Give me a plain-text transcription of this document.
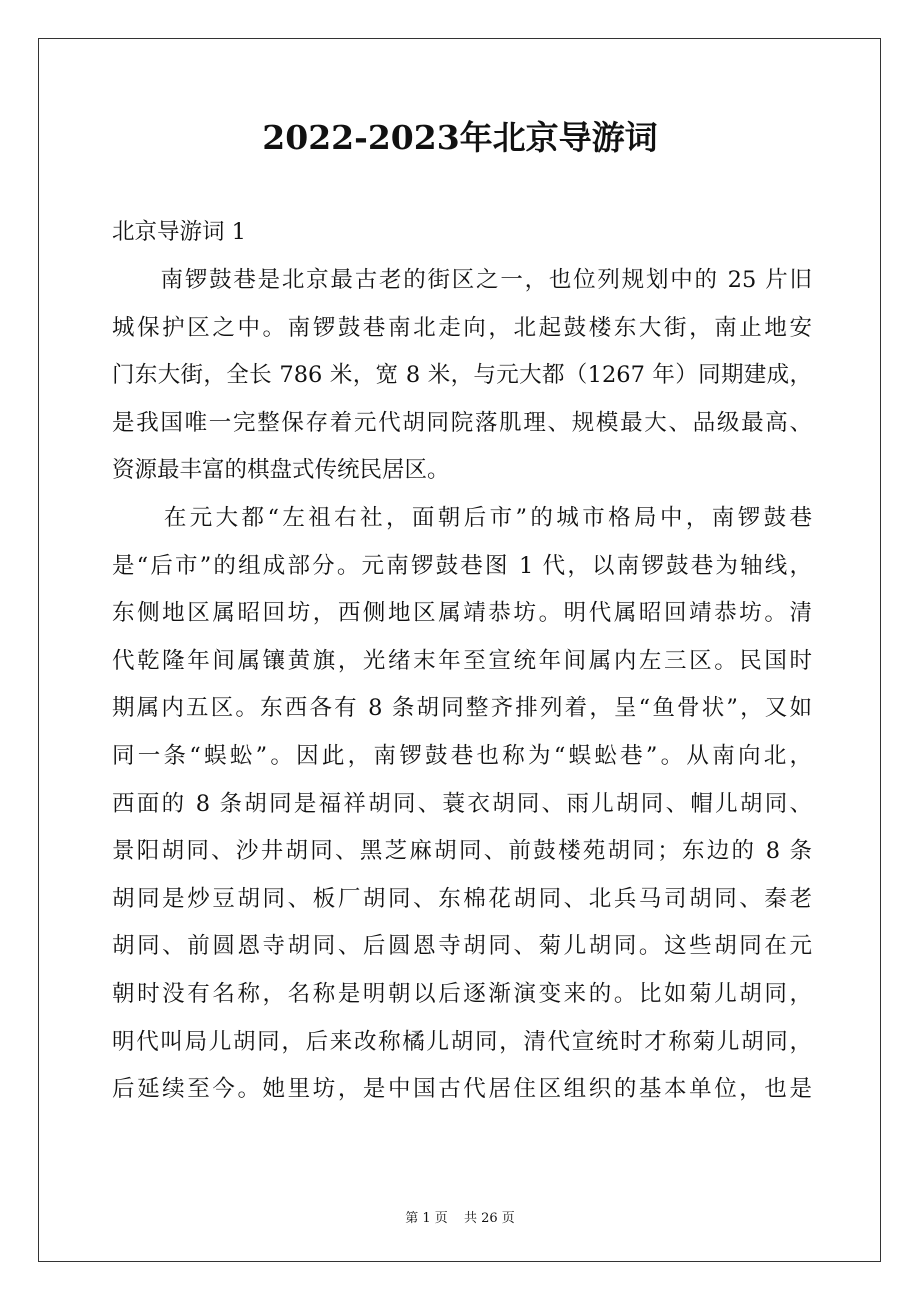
2022-2023年北京导游词
北京导游词 1
　　南锣鼓巷是北京最古老的街区之一，也位列规划中的 25 片旧
城保护区之中。南锣鼓巷南北走向，北起鼓楼东大街，南止地安
门东大街，全长 786 米，宽 8 米，与元大都（1267 年）同期建成，
是我国唯一完整保存着元代胡同院落肌理、规模最大、品级最高、
资源最丰富的棋盘式传统民居区。
　　在元大都“左祖右社，面朝后市”的城市格局中，南锣鼓巷
是“后市”的组成部分。元南锣鼓巷图 1 代，以南锣鼓巷为轴线，
东侧地区属昭回坊，西侧地区属靖恭坊。明代属昭回靖恭坊。清
代乾隆年间属镶黄旗，光绪末年至宣统年间属内左三区。民国时
期属内五区。东西各有 8 条胡同整齐排列着，呈“鱼骨状”，又如
同一条“蜈蚣”。因此，南锣鼓巷也称为“蜈蚣巷”。从南向北，
西面的 8 条胡同是福祥胡同、蓑衣胡同、雨儿胡同、帽儿胡同、
景阳胡同、沙井胡同、黑芝麻胡同、前鼓楼苑胡同；东边的 8 条
胡同是炒豆胡同、板厂胡同、东棉花胡同、北兵马司胡同、秦老
胡同、前圆恩寺胡同、后圆恩寺胡同、菊儿胡同。这些胡同在元
朝时没有名称，名称是明朝以后逐渐演变来的。比如菊儿胡同，
明代叫局儿胡同，后来改称橘儿胡同，清代宣统时才称菊儿胡同，
后延续至今。她里坊，是中国古代居住区组织的基本单位，也是
第 1 页 共 26 页
